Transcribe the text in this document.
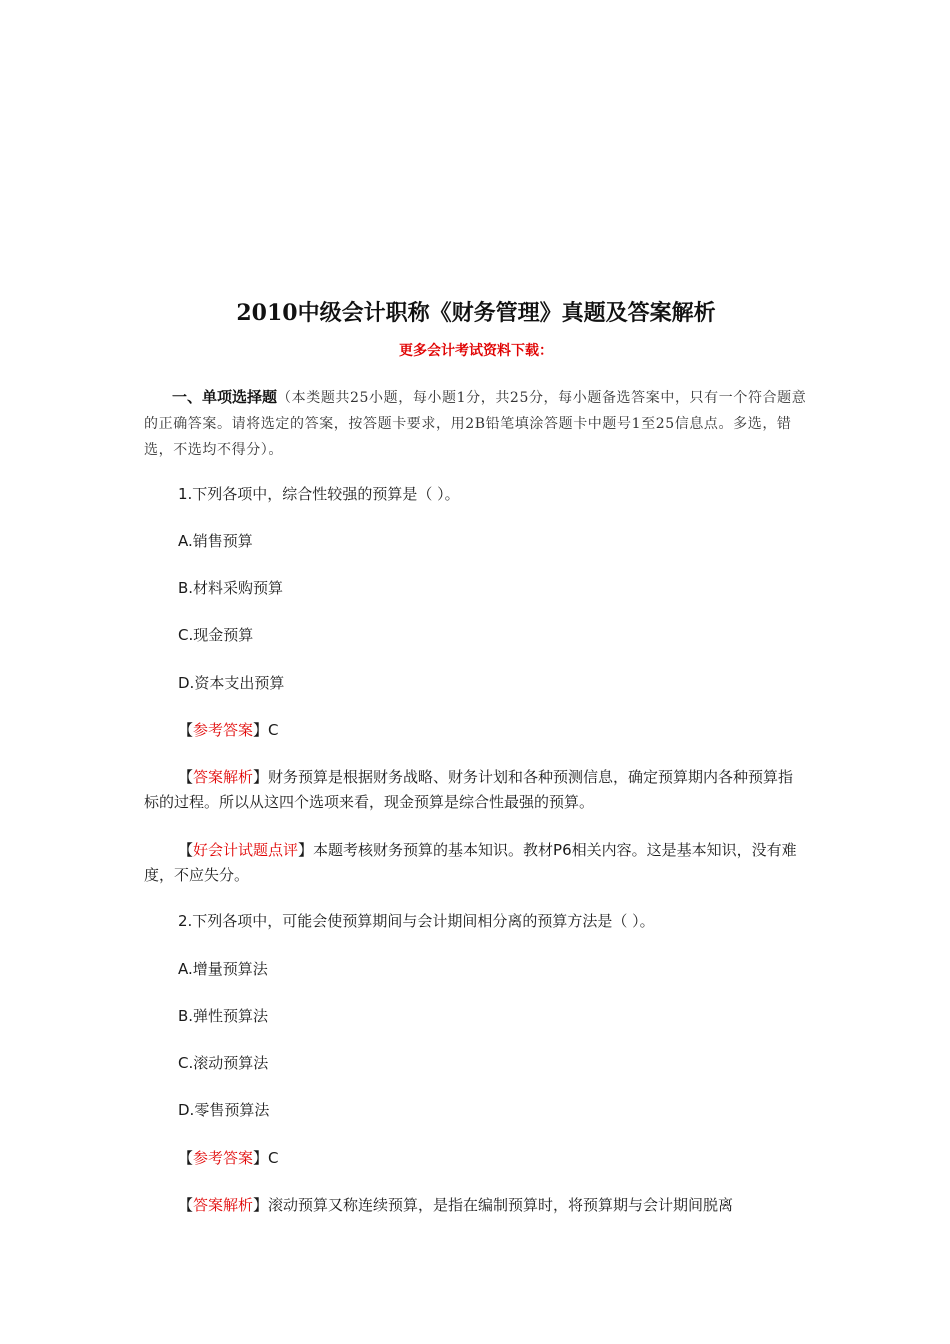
2010中级会计职称《财务管理》真题及答案解析
更多会计考试资料下载：
一、单项选择题（本类题共25小题，每小题1分，共25分，每小题备选答案中，只有一个符合题意的正确答案。请将选定的答案，按答题卡要求，用2B铅笔填涂答题卡中题号1至25信息点。多选，错选，不选均不得分）。
1.下列各项中，综合性较强的预算是（ ）。
A.销售预算
B.材料采购预算
C.现金预算
D.资本支出预算
【参考答案】C
【答案解析】财务预算是根据财务战略、财务计划和各种预测信息，确定预算期内各种预算指标的过程。所以从这四个选项来看，现金预算是综合性最强的预算。
【好会计试题点评】本题考核财务预算的基本知识。教材P6相关内容。这是基本知识，没有难度，不应失分。
2.下列各项中，可能会使预算期间与会计期间相分离的预算方法是（ ）。
A.增量预算法
B.弹性预算法
C.滚动预算法
D.零售预算法
【参考答案】C
【答案解析】滚动预算又称连续预算，是指在编制预算时，将预算期与会计期间脱离
